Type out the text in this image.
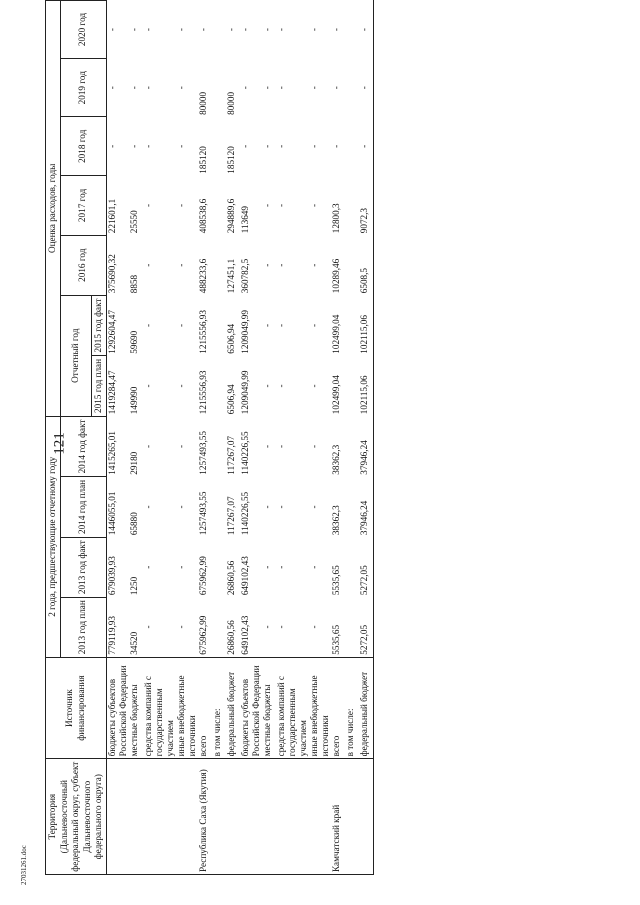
121
27031261.doc
Территория (Дальневосточный федеральный округ, субъект Дальневосточного федерального округа)	Источник финансирования	2 года, предшествующие отчетному году				Оценка расходов, годы						
		2013 год план	2013 год факт	2014 год план	2014 год факт	Отчетный год		2016 год	2017 год	2018 год	2019 год	2020 год
						2015 год план	2015 год факт					
	бюджеты субъектов Российской Федерации	779119,93	679039,93	1446055,01	1415265,01	1419284,47	1292604,47	375690,32	221601,1	-	-	-
	местные бюджеты	34520	1250	65880	29180	149990	59690	8858	25550	-	-	-
	средства компаний с государственным участием	-	-	-	-	-	-	-	-	-	-	-
	иные внебюджетные источники	-	-	-	-	-	-	-	-	-	-	-
Республика Саха (Якутия)	всего	675962,99	675962,99	1257493,55	1257493,55	1215556,93	1215556,93	488233,6	408538,6	185120	80000	-
	в том числе:											
	федеральный бюджет	26860,56	26860,56	117267,07	117267,07	6506,94	6506,94	127451,1	294889,6	185120	80000	-
	бюджеты субъектов Российской Федерации	649102,43	649102,43	1140226,55	1140226,55	1209049,99	1209049,99	360782,5	113649	-	-	-
	местные бюджеты	-	-	-	-	-	-	-	-	-	-	-
	средства компаний с государственным участием	-	-	-	-	-	-	-	-	-	-	-
	иные внебюджетные источники	-	-	-	-	-	-	-	-	-	-	-
Камчатский край	всего	5535,65	5535,65	38362,3	38362,3	102499,04	102499,04	10289,46	12800,3	-	-	-
	в том числе:											
	федеральный бюджет	5272,05	5272,05	37946,24	37946,24	102115,06	102115,06	6508,5	9072,3	-	-	-
